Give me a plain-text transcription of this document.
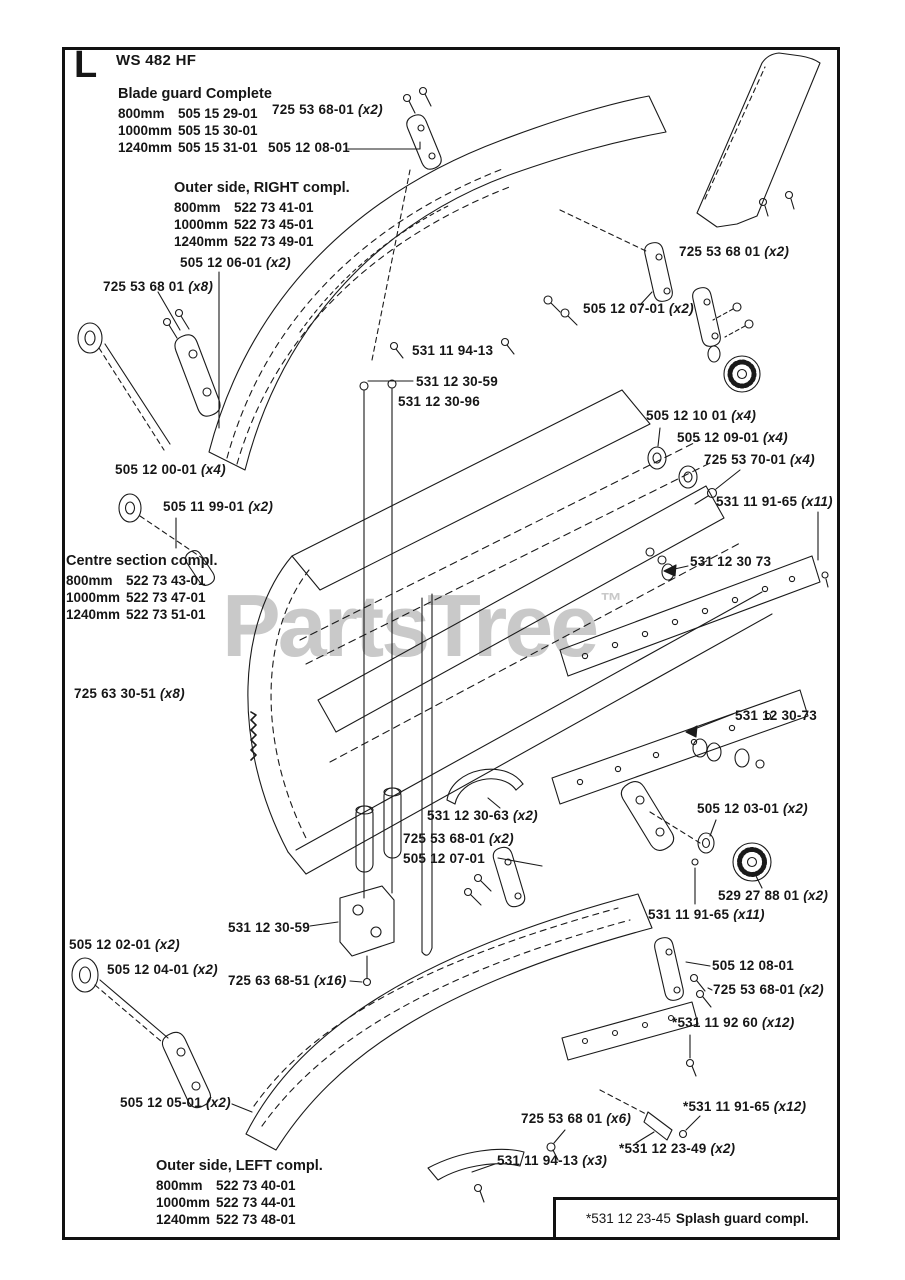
PartsTree ™
L WS 482 HF
Blade guard Complete
800mm 505 15 29-01
1000mm 505 15 30-01
1240mm 505 15 31-01
Outer side, RIGHT compl.
800mm 522 73 41-01
1000mm 522 73 45-01
1240mm 522 73 49-01
Centre section compl.
800mm 522 73 43-01
1000mm 522 73 47-01
1240mm 522 73 51-01
Outer side, LEFT compl.
800mm 522 73 40-01
1000mm 522 73 44-01
1240mm 522 73 48-01
725 53 68-01 (x2)
505 12 08-01
505 12 06-01 (x2)
725 53 68 01 (x8)
725 53 68 01 (x2)
505 12 07-01 (x2)
531 11 94-13
531 12 30-59
531 12 30-96
505 12 10 01 (x4)
505 12 09-01 (x4)
725 53 70-01 (x4)
531 11 91-65 (x11)
505 12 00-01 (x4)
505 11 99-01 (x2)
531 12 30 73
725 63 30-51 (x8)
531 12 30-73
531 12 30-63 (x2)
725 53 68-01 (x2)
505 12 07-01
505 12 03-01 (x2)
529 27 88 01 (x2)
531 11 91-65 (x11)
531 12 30-59
505 12 02-01 (x2)
505 12 04-01 (x2)
725 63 68-51 (x16)
505 12 08-01
725 53 68-01 (x2)
*531 11 92 60 (x12)
505 12 05-01 (x2)
725 53 68 01 (x6)
*531 11 91-65 (x12)
*531 12 23-49 (x2)
531 11 94-13 (x3)
*531 12 23-45 Splash guard compl.
